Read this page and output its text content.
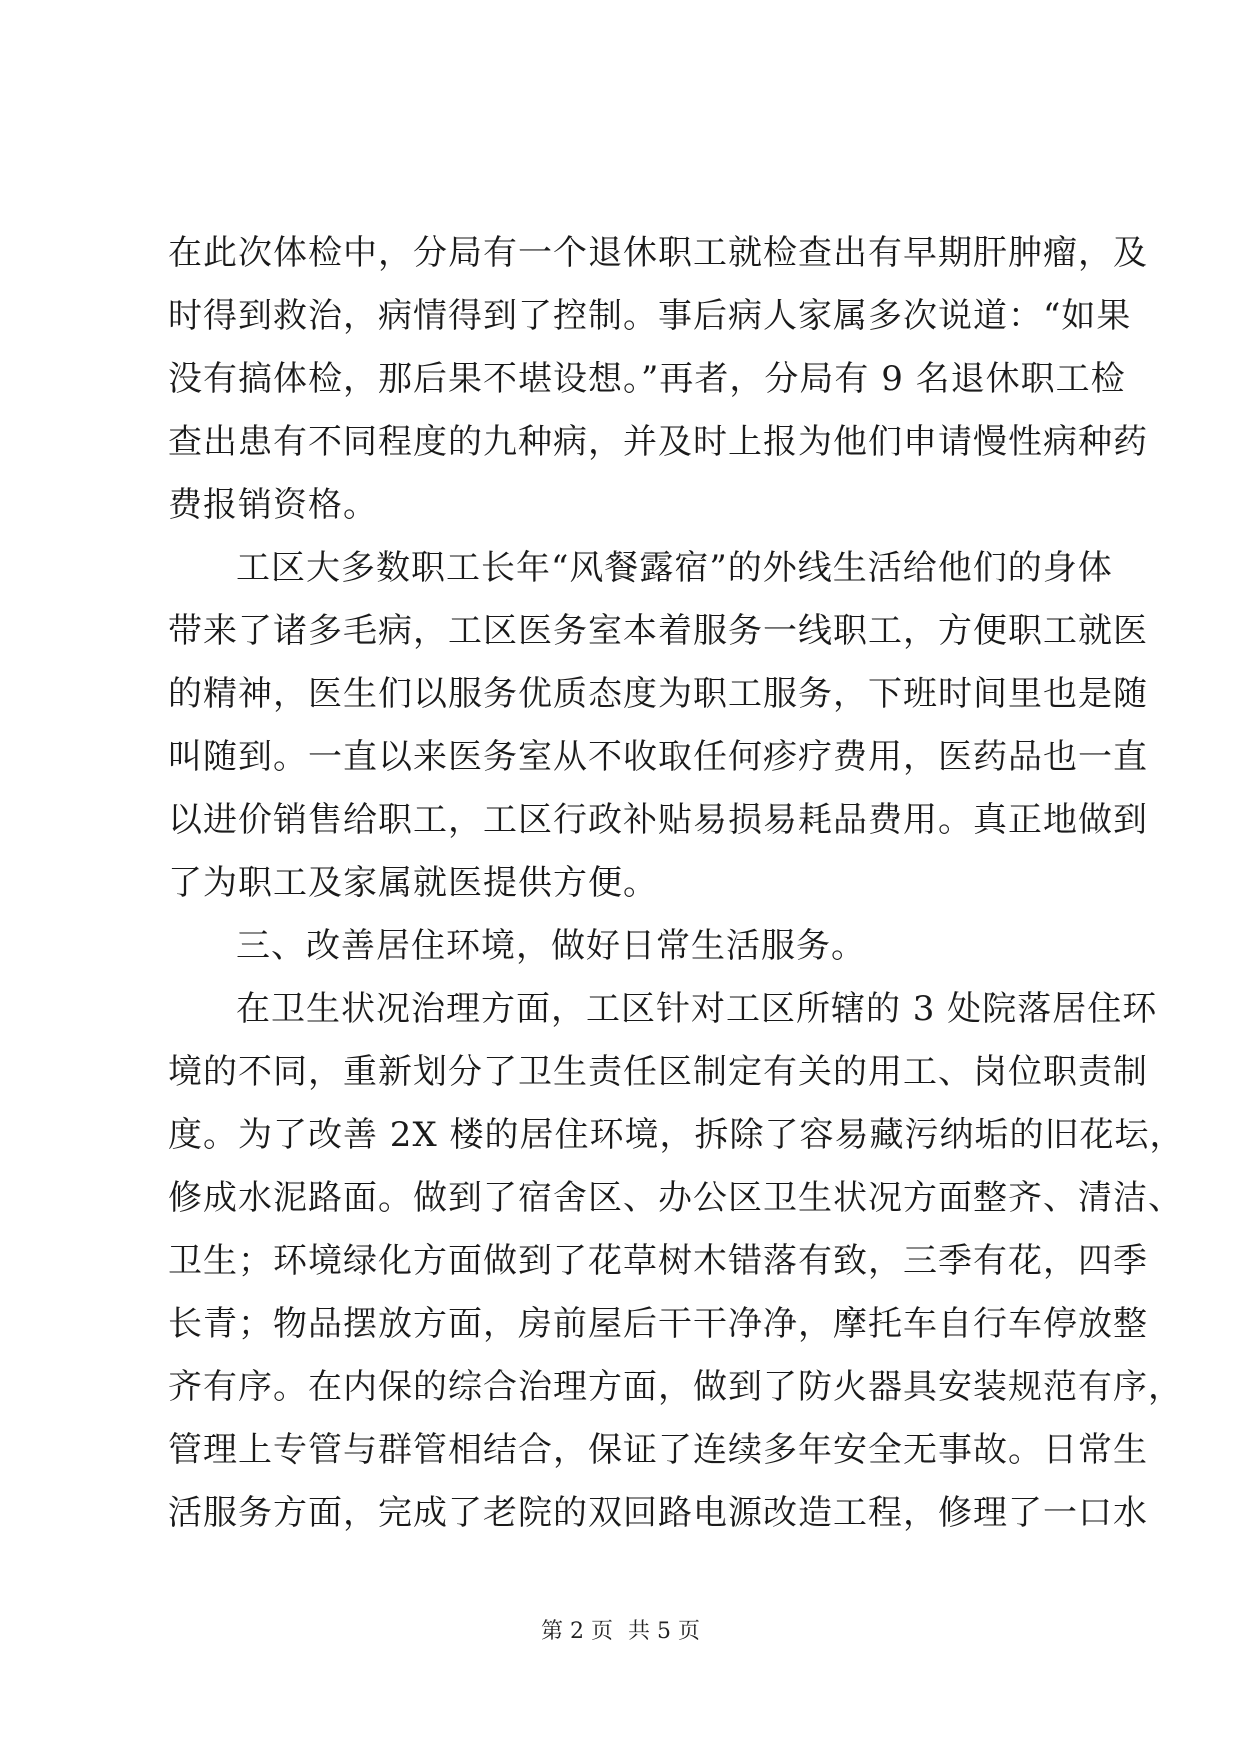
在此次体检中，分局有一个退休职工就检查出有早期肝肿瘤，及
时得到救治，病情得到了控制。事后病人家属多次说道：“如果
没有搞体检，那后果不堪设想。”再者，分局有 9 名退休职工检
查出患有不同程度的九种病，并及时上报为他们申请慢性病种药
费报销资格。
工区大多数职工长年“风餐露宿”的外线生活给他们的身体
带来了诸多毛病，工区医务室本着服务一线职工，方便职工就医
的精神，医生们以服务优质态度为职工服务，下班时间里也是随
叫随到。一直以来医务室从不收取任何疹疗费用，医药品也一直
以进价销售给职工，工区行政补贴易损易耗品费用。真正地做到
了为职工及家属就医提供方便。
三、改善居住环境，做好日常生活服务。
在卫生状况治理方面，工区针对工区所辖的 3 处院落居住环
境的不同，重新划分了卫生责任区制定有关的用工、岗位职责制
度。为了改善 2X 楼的居住环境，拆除了容易藏污纳垢的旧花坛，
修成水泥路面。做到了宿舍区、办公区卫生状况方面整齐、清洁、
卫生；环境绿化方面做到了花草树木错落有致，三季有花，四季
长青；物品摆放方面，房前屋后干干净净，摩托车自行车停放整
齐有序。在内保的综合治理方面，做到了防火器具安装规范有序，
管理上专管与群管相结合，保证了连续多年安全无事故。日常生
活服务方面，完成了老院的双回路电源改造工程，修理了一口水
第 2 页 共 5 页
